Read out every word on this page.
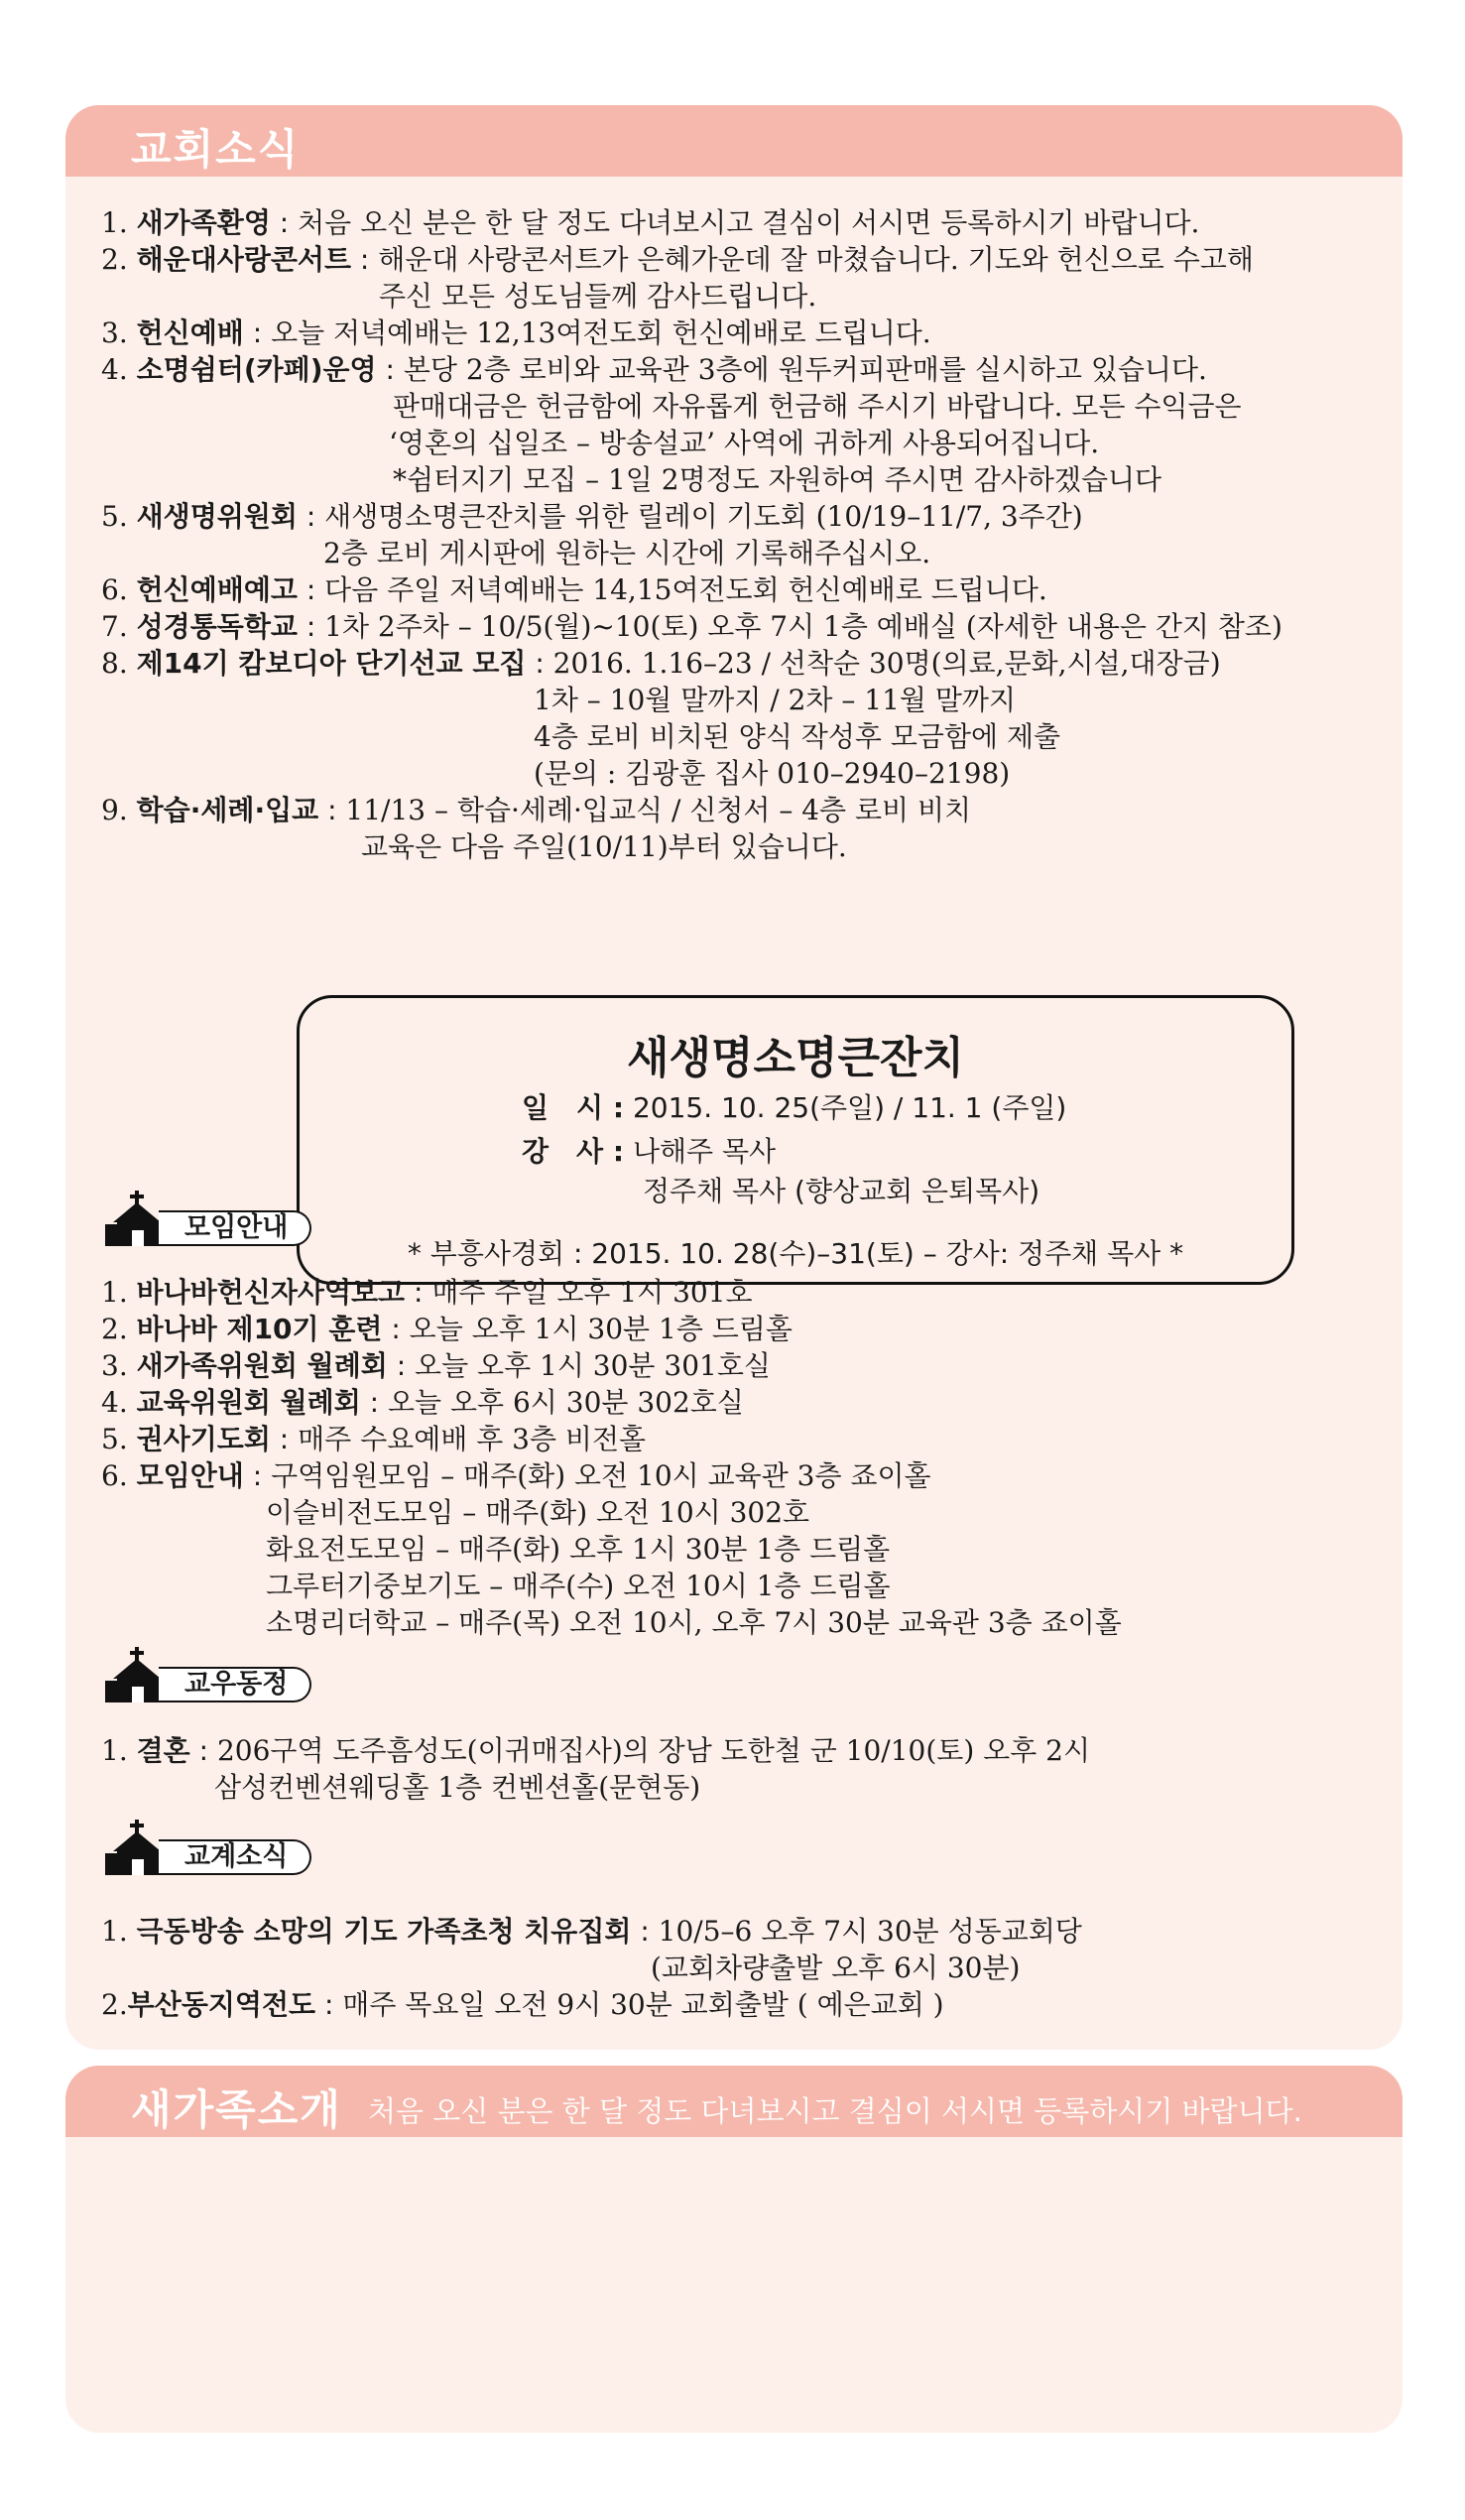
교회소식
1. 새가족환영 : 처음 오신 분은 한 달 정도 다녀보시고 결심이 서시면 등록하시기 바랍니다.
2. 해운대사랑콘서트 : 해운대 사랑콘서트가 은혜가운데 잘 마쳤습니다. 기도와 헌신으로 수고해
주신 모든 성도님들께 감사드립니다.
3. 헌신예배 : 오늘 저녁예배는 12,13여전도회 헌신예배로 드립니다.
4. 소명쉼터(카페)운영 : 본당 2층 로비와 교육관 3층에 원두커피판매를 실시하고 있습니다.
판매대금은 헌금함에 자유롭게 헌금해 주시기 바랍니다. 모든 수익금은
‘영혼의 십일조 – 방송설교’ 사역에 귀하게 사용되어집니다.
*쉼터지기 모집 – 1일 2명정도 자원하여 주시면 감사하겠습니다
5. 새생명위원회 : 새생명소명큰잔치를 위한 릴레이 기도회 (10/19–11/7, 3주간)
2층 로비 게시판에 원하는 시간에 기록해주십시오.
6. 헌신예배예고 : 다음 주일 저녁예배는 14,15여전도회 헌신예배로 드립니다.
7. 성경통독학교 : 1차 2주차 – 10/5(월)~10(토) 오후 7시 1층 예배실 (자세한 내용은 간지 참조)
8. 제14기 캄보디아 단기선교 모집 : 2016. 1.16–23 / 선착순 30명(의료,문화,시설,대장금)
1차 – 10월 말까지 / 2차 – 11월 말까지
4층 로비 비치된 양식 작성후 모금함에 제출
(문의 : 김광훈 집사 010–2940–2198)
9. 학습·세례·입교 : 11/13 – 학습·세례·입교식 / 신청서 – 4층 로비 비치
교육은 다음 주일(10/11)부터 있습니다.
새생명소명큰잔치
일　시 : 2015. 10. 25(주일) / 11. 1 (주일)
강　사 : 나해주 목사
정주채 목사 (향상교회 은퇴목사)
* 부흥사경회 : 2015. 10. 28(수)–31(토) – 강사: 정주채 목사 *
모임안내
1. 바나바헌신자사역보고 : 매주 주일 오후 1시 301호
2. 바나바 제10기 훈련 : 오늘 오후 1시 30분 1층 드림홀
3. 새가족위원회 월례회 : 오늘 오후 1시 30분 301호실
4. 교육위원회 월례회 : 오늘 오후 6시 30분 302호실
5. 권사기도회 : 매주 수요예배 후 3층 비전홀
6. 모임안내 : 구역임원모임 – 매주(화) 오전 10시 교육관 3층 죠이홀
이슬비전도모임 – 매주(화) 오전 10시 302호
화요전도모임 – 매주(화) 오후 1시 30분 1층 드림홀
그루터기중보기도 – 매주(수) 오전 10시 1층 드림홀
소명리더학교 – 매주(목) 오전 10시, 오후 7시 30분 교육관 3층 죠이홀
교우동정
1. 결혼 : 206구역 도주흠성도(이귀매집사)의 장남 도한철 군 10/10(토) 오후 2시
삼성컨벤션웨딩홀 1층 컨벤션홀(문현동)
교계소식
1. 극동방송 소망의 기도 가족초청 치유집회 : 10/5–6 오후 7시 30분 성동교회당
(교회차량출발 오후 6시 30분)
2.부산동지역전도 : 매주 목요일 오전 9시 30분 교회출발 ( 예은교회 )
새가족소개 처음 오신 분은 한 달 정도 다녀보시고 결심이 서시면 등록하시기 바랍니다.
